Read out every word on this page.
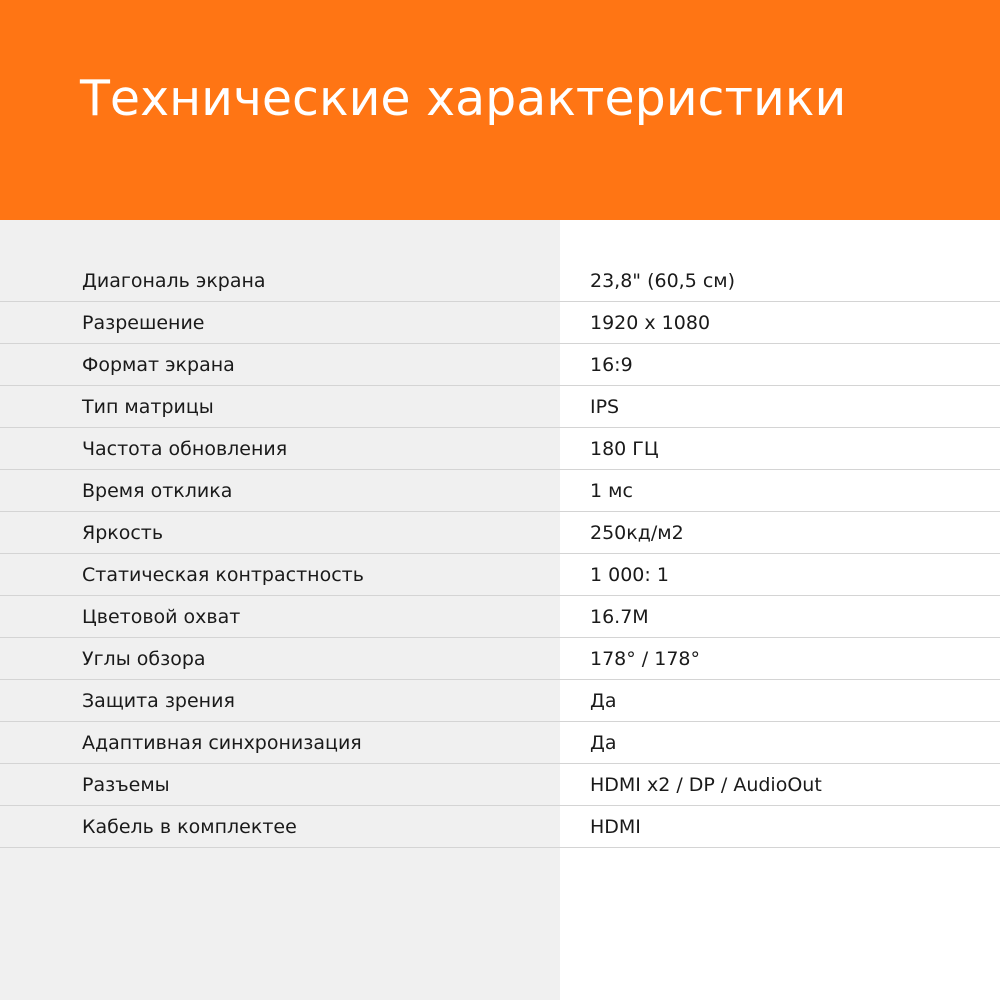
Технические характеристики
Диагональ экрана	23,8" (60,5 см)
Разрешение	1920 х 1080
Формат экрана	16:9
Тип матрицы	IPS
Частота обновления	180 ГЦ
Время отклика	1 мс
Яркость	250кд/м2
Статическая контрастность	1 000: 1
Цветовой охват	16.7M
Углы обзора	178° / 178°
Защита зрения	Да
Адаптивная синхронизация	Да
Разъемы	HDMI x2 / DP / AudioOut
Кабель в комплектее	HDMI
